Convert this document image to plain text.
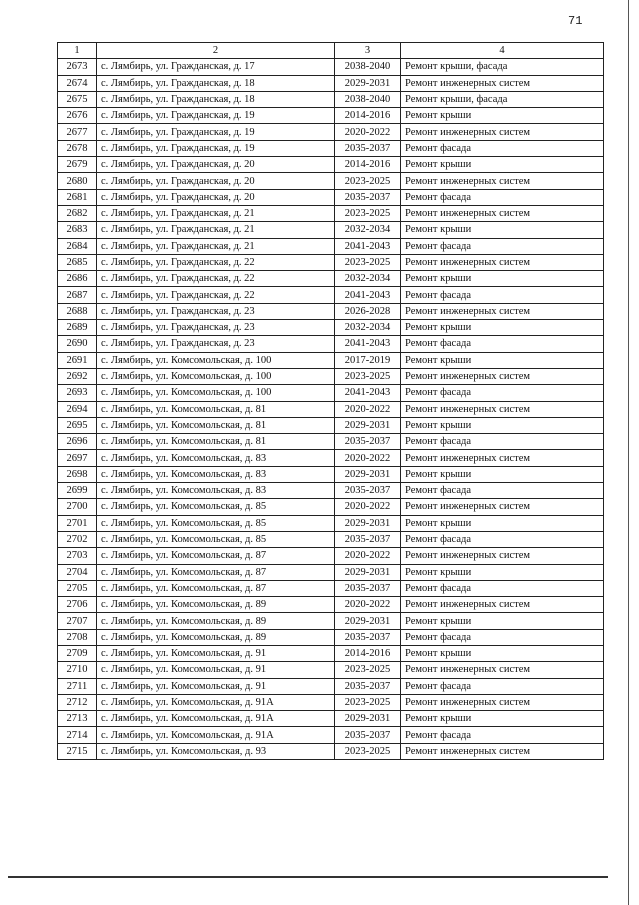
71
1	2	3	4
2673	с. Лямбирь, ул. Гражданская, д. 17	2038-2040	Ремонт крыши, фасада
2674	с. Лямбирь, ул. Гражданская, д. 18	2029-2031	Ремонт инженерных систем
2675	с. Лямбирь, ул. Гражданская, д. 18	2038-2040	Ремонт крыши, фасада
2676	с. Лямбирь, ул. Гражданская, д. 19	2014-2016	Ремонт крыши
2677	с. Лямбирь, ул. Гражданская, д. 19	2020-2022	Ремонт инженерных систем
2678	с. Лямбирь, ул. Гражданская, д. 19	2035-2037	Ремонт фасада
2679	с. Лямбирь, ул. Гражданская, д. 20	2014-2016	Ремонт крыши
2680	с. Лямбирь, ул. Гражданская, д. 20	2023-2025	Ремонт инженерных систем
2681	с. Лямбирь, ул. Гражданская, д. 20	2035-2037	Ремонт фасада
2682	с. Лямбирь, ул. Гражданская, д. 21	2023-2025	Ремонт инженерных систем
2683	с. Лямбирь, ул. Гражданская, д. 21	2032-2034	Ремонт крыши
2684	с. Лямбирь, ул. Гражданская, д. 21	2041-2043	Ремонт фасада
2685	с. Лямбирь, ул. Гражданская, д. 22	2023-2025	Ремонт инженерных систем
2686	с. Лямбирь, ул. Гражданская, д. 22	2032-2034	Ремонт крыши
2687	с. Лямбирь, ул. Гражданская, д. 22	2041-2043	Ремонт фасада
2688	с. Лямбирь, ул. Гражданская, д. 23	2026-2028	Ремонт инженерных систем
2689	с. Лямбирь, ул. Гражданская, д. 23	2032-2034	Ремонт крыши
2690	с. Лямбирь, ул. Гражданская, д. 23	2041-2043	Ремонт фасада
2691	с. Лямбирь, ул. Комсомольская, д. 100	2017-2019	Ремонт крыши
2692	с. Лямбирь, ул. Комсомольская, д. 100	2023-2025	Ремонт инженерных систем
2693	с. Лямбирь, ул. Комсомольская, д. 100	2041-2043	Ремонт фасада
2694	с. Лямбирь, ул. Комсомольская, д. 81	2020-2022	Ремонт инженерных систем
2695	с. Лямбирь, ул. Комсомольская, д. 81	2029-2031	Ремонт крыши
2696	с. Лямбирь, ул. Комсомольская, д. 81	2035-2037	Ремонт фасада
2697	с. Лямбирь, ул. Комсомольская, д. 83	2020-2022	Ремонт инженерных систем
2698	с. Лямбирь, ул. Комсомольская, д. 83	2029-2031	Ремонт крыши
2699	с. Лямбирь, ул. Комсомольская, д. 83	2035-2037	Ремонт фасада
2700	с. Лямбирь, ул. Комсомольская, д. 85	2020-2022	Ремонт инженерных систем
2701	с. Лямбирь, ул. Комсомольская, д. 85	2029-2031	Ремонт крыши
2702	с. Лямбирь, ул. Комсомольская, д. 85	2035-2037	Ремонт фасада
2703	с. Лямбирь, ул. Комсомольская, д. 87	2020-2022	Ремонт инженерных систем
2704	с. Лямбирь, ул. Комсомольская, д. 87	2029-2031	Ремонт крыши
2705	с. Лямбирь, ул. Комсомольская, д. 87	2035-2037	Ремонт фасада
2706	с. Лямбирь, ул. Комсомольская, д. 89	2020-2022	Ремонт инженерных систем
2707	с. Лямбирь, ул. Комсомольская, д. 89	2029-2031	Ремонт крыши
2708	с. Лямбирь, ул. Комсомольская, д. 89	2035-2037	Ремонт фасада
2709	с. Лямбирь, ул. Комсомольская, д. 91	2014-2016	Ремонт крыши
2710	с. Лямбирь, ул. Комсомольская, д. 91	2023-2025	Ремонт инженерных систем
2711	с. Лямбирь, ул. Комсомольская, д. 91	2035-2037	Ремонт фасада
2712	с. Лямбирь, ул. Комсомольская, д. 91А	2023-2025	Ремонт инженерных систем
2713	с. Лямбирь, ул. Комсомольская, д. 91А	2029-2031	Ремонт крыши
2714	с. Лямбирь, ул. Комсомольская, д. 91А	2035-2037	Ремонт фасада
2715	с. Лямбирь, ул. Комсомольская, д. 93	2023-2025	Ремонт инженерных систем
